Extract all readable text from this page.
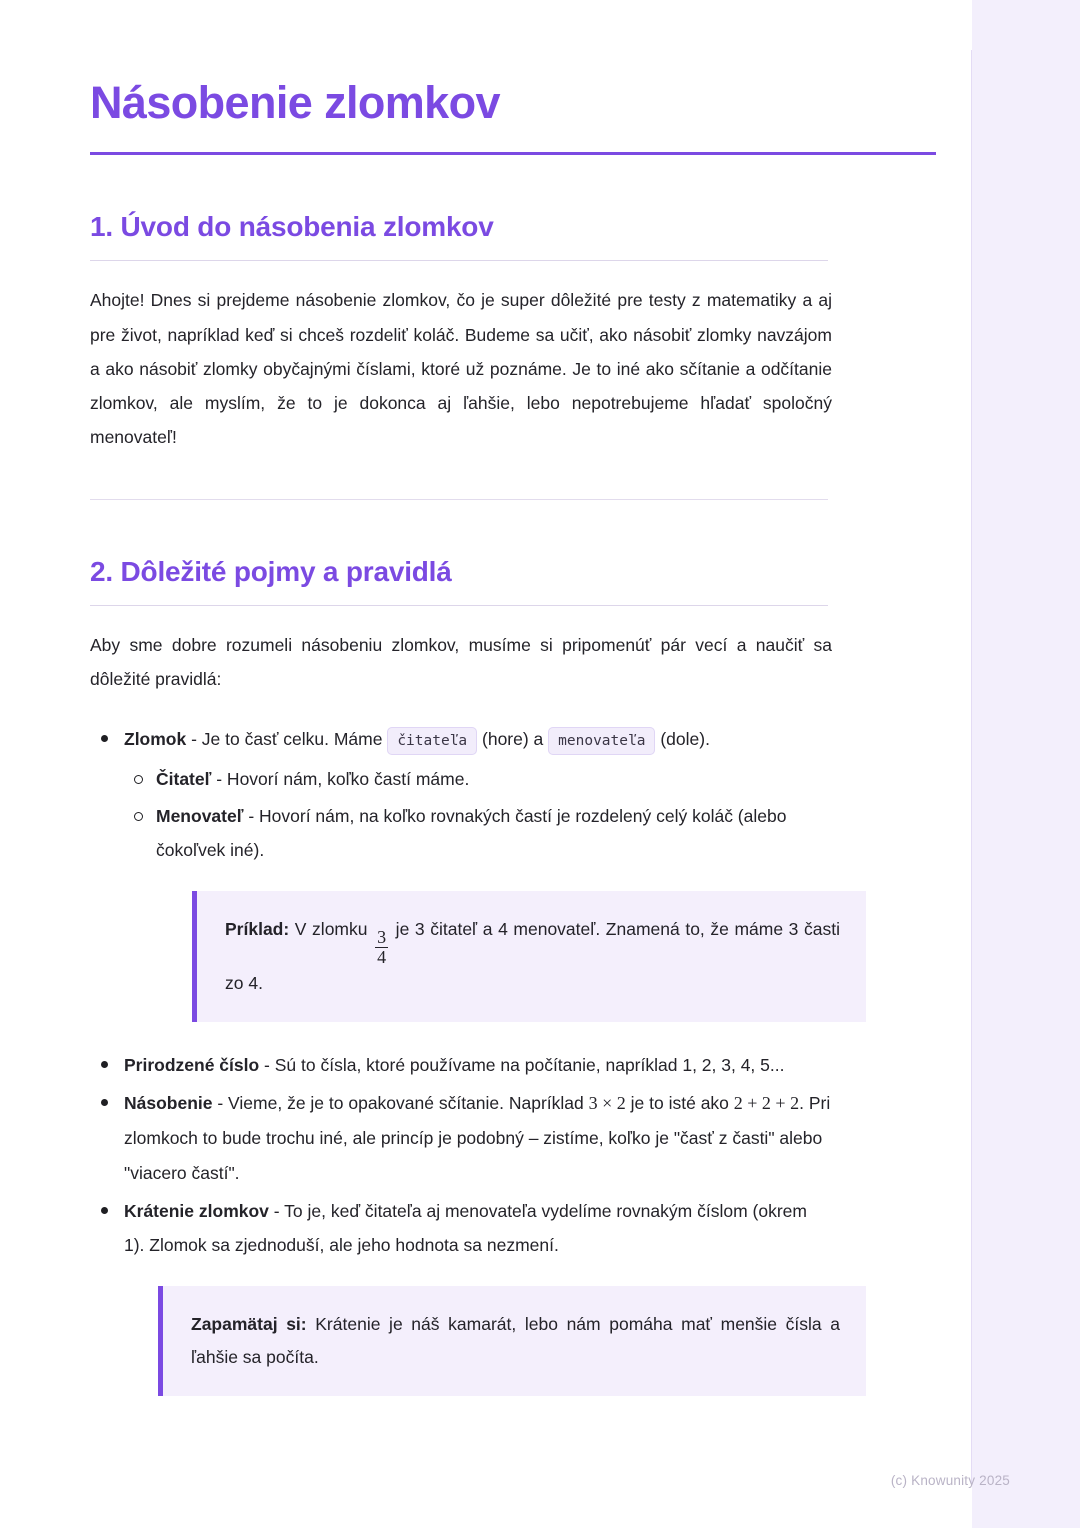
Násobenie zlomkov
1. Úvod do násobenia zlomkov

Ahojte! Dnes si prejdeme násobenie zlomkov, čo je super dôležité pre testy z matematiky a aj pre život, napríklad keď si chceš rozdeliť koláč. Budeme sa učiť, ako násobiť zlomky navzájom a ako násobiť zlomky obyčajnými číslami, ktoré už poznáme. Je to iné ako sčítanie a odčítanie zlomkov, ale myslím, že to je dokonca aj ľahšie, lebo nepotrebujeme hľadať spoločný menovateľ!

2. Dôležité pojmy a pravidlá

Aby sme dobre rozumeli násobeniu zlomkov, musíme si pripomenúť pár vecí a naučiť sa dôležité pravidlá:

Zlomok - Je to časť celku. Máme čitateľa (hore) a menovateľa (dole).
Čitateľ - Hovorí nám, koľko častí máme.
Menovateľ - Hovorí nám, na koľko rovnakých častí je rozdelený celý koláč (alebo čokoľvek iné).
Príklad: V zlomku $\frac{3}{4}$ je 3 čitateľ a 4 menovateľ. Znamená to, že máme 3 časti zo 4.
Prirodzené číslo - Sú to čísla, ktoré používame na počítanie, napríklad 1, 2, 3, 4, 5...
Násobenie - Vieme, že je to opakované sčítanie. Napríklad 3 × 2 je to isté ako 2 + 2 + 2. Pri zlomkoch to bude trochu iné, ale princíp je podobný – zistíme, koľko je "časť z časti" alebo "viacero častí".
Krátenie zlomkov - To je, keď čitateľa aj menovateľa vydelíme rovnakým číslom (okrem 1). Zlomok sa zjednoduší, ale jeho hodnota sa nezmení.
Zapamätaj si: Krátenie je náš kamarát, lebo nám pomáha mať menšie čísla a ľahšie sa počíta.
(c) Knowunity 2025
